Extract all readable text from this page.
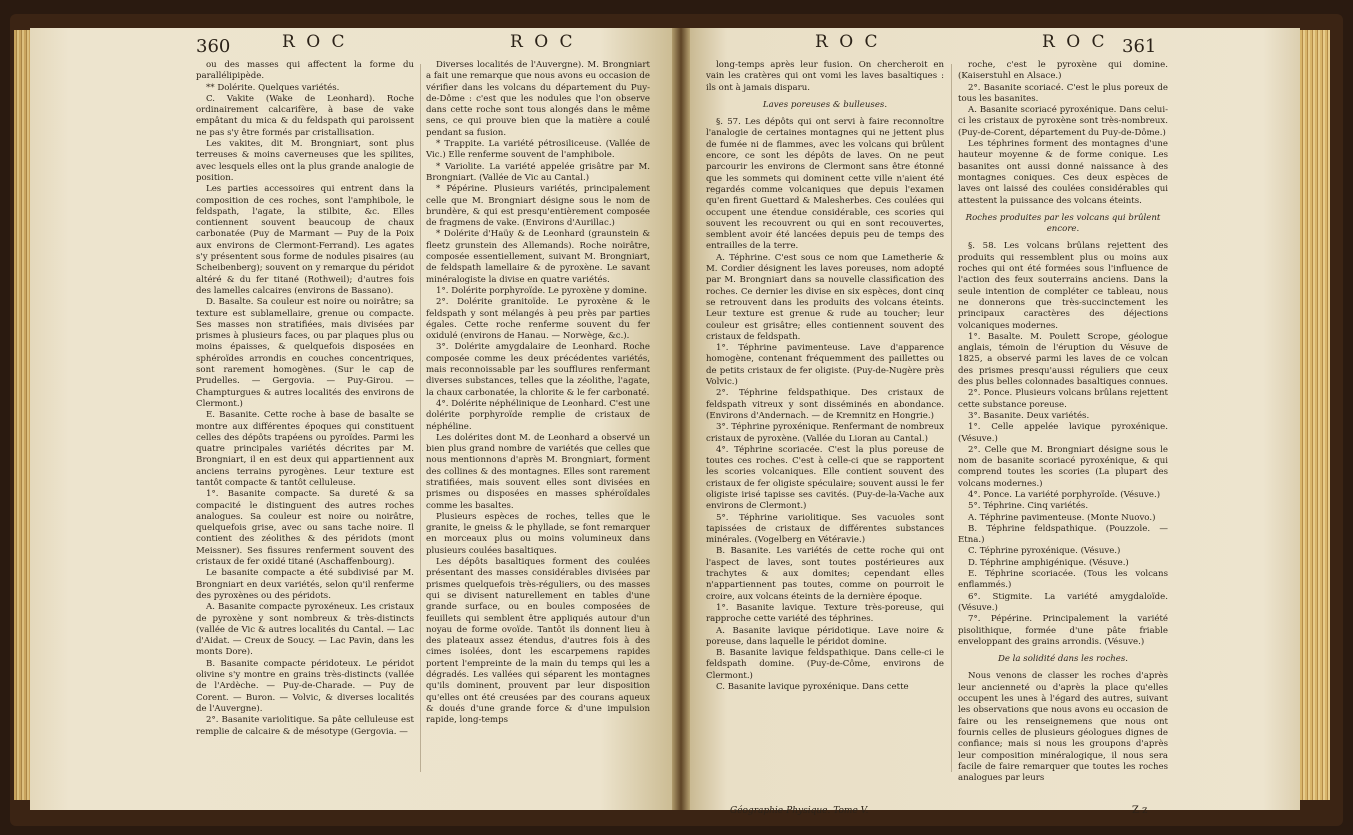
360	R O C	R O C	R O C	R O C 361

ou des masses qui affectent la forme du parallélipipède.

** Dolérite. Quelques variétés.

C. Vakite (Wake de Leonhard). Roche ordinairement calcarifère, à base de vake empâtant du mica & du feldspath qui paroissent ne pas s'y être formés par cristallisation.

Les vakites, dit M. Brongniart, sont plus terreuses & moins caverneuses que les spilites, avec lesquels elles ont la plus grande analogie de position.

Les parties accessoires qui entrent dans la composition de ces roches, sont l'amphibole, le feldspath, l'agate, la stilbite, &c. Elles contiennent souvent beaucoup de chaux carbonatée (Puy de Marmant — Puy de la Poix aux environs de Clermont-Ferrand). Les agates s'y présentent sous forme de nodules pisaires (au Scheibenberg); souvent on y remarque du péridot altéré & du fer titané (Rothweil); d'autres fois des lamelles calcaires (environs de Bassano).

D. Basalte. Sa couleur est noire ou noirâtre; sa texture est sublamellaire, grenue ou compacte. Ses masses non stratifiées, mais divisées par prismes à plusieurs faces, ou par plaques plus ou moins épaisses, & quelquefois disposées en sphéroïdes arrondis en couches concentriques, sont rarement homogènes. (Sur le cap de Prudelles. — Gergovia. — Puy-Girou. — Champturgues & autres localités des environs de Clermont.)

E. Basanite. Cette roche à base de basalte se montre aux différentes époques qui constituent celles des dépôts trapéens ou pyroïdes. Parmi les quatre principales variétés décrites par M. Brongniart, il en est deux qui appartiennent aux anciens terrains pyrogènes. Leur texture est tantôt compacte & tantôt celluleuse.

1°. Basanite compacte. Sa dureté & sa compacité le distinguent des autres roches analogues. Sa couleur est noire ou noirâtre, quelquefois grise, avec ou sans tache noire. Il contient des zéolithes & des péridots (mont Meissner). Ses fissures renferment souvent des cristaux de fer oxidé titané (Aschaffenbourg).

Le basanite compacte a été subdivisé par M. Brongniart en deux variétés, selon qu'il renferme des pyroxènes ou des péridots.

A. Basanite compacte pyroxéneux. Les cristaux de pyroxène y sont nombreux & très-distincts (vallée de Vic & autres localités du Cantal. — Lac d'Aidat. — Creux de Soucy. — Lac Pavin, dans les monts Dore).

B. Basanite compacte péridoteux. Le péridot olivine s'y montre en grains très-distincts (vallée de l'Ardèche. — Puy-de-Charade. — Puy de Corent. — Buron. — Volvic, & diverses localités de l'Auvergne).

2°. Basanite variolitique. Sa pâte celluleuse est remplie de calcaire & de mésotype (Gergovia. —

Diverses localités de l'Auvergne). M. Brongniart a fait une remarque que nous avons eu occasion de vérifier dans les volcans du département du Puy-de-Dôme : c'est que les nodules que l'on observe dans cette roche sont tous alongés dans le même sens, ce qui prouve bien que la matière a coulé pendant sa fusion.

* Trappite. La variété pétrosiliceuse. (Vallée de Vic.) Elle renferme souvent de l'amphibole.

* Variolite. La variété appelée grisâtre par M. Brongniart. (Vallée de Vic au Cantal.)

* Pépérine. Plusieurs variétés, principalement celle que M. Brongniart désigne sous le nom de brundère, & qui est presqu'entièrement composée de fragmens de vake. (Environs d'Aurillac.)

* Dolérite d'Haüy & de Leonhard (graunstein & fleetz grunstein des Allemands). Roche noirâtre, composée essentiellement, suivant M. Brongniart, de feldspath lamellaire & de pyroxène. Le savant minéralogiste la divise en quatre variétés.

1°. Dolérite porphyroïde. Le pyroxène y domine.

2°. Dolérite granitoïde. Le pyroxène & le feldspath y sont mélangés à peu près par parties égales. Cette roche renferme souvent du fer oxidulé (environs de Hanau. — Norwège, &c.).

3°. Dolérite amygdalaire de Leonhard. Roche composée comme les deux précédentes variétés, mais reconnoissable par les soufflures renfermant diverses substances, telles que la zéolithe, l'agate, la chaux carbonatée, la chlorite & le fer carbonaté.

4°. Dolérite néphélinique de Leonhard. C'est une dolérite porphyroïde remplie de cristaux de néphéline.

Les dolérites dont M. de Leonhard a observé un bien plus grand nombre de variétés que celles que nous mentionnons d'après M. Brongniart, forment des collines & des montagnes. Elles sont rarement stratifiées, mais souvent elles sont divisées en prismes ou disposées en masses sphéroïdales comme les basaltes.

Plusieurs espèces de roches, telles que le granite, le gneiss & le phyllade, se font remarquer en morceaux plus ou moins volumineux dans plusieurs coulées basaltiques.

Les dépôts basaltiques forment des coulées présentant des masses considérables divisées par prismes quelquefois très-réguliers, ou des masses qui se divisent naturellement en tables d'une grande surface, ou en boules composées de feuillets qui semblent être appliqués autour d'un noyau de forme ovoïde. Tantôt ils donnent lieu à des plateaux assez étendus, d'autres fois à des cimes isolées, dont les escarpemens rapides portent l'empreinte de la main du temps qui les a dégradés. Les vallées qui séparent les montagnes qu'ils dominent, prouvent par leur disposition qu'elles ont été creusées par des courans aqueux & doués d'une grande force & d'une impulsion rapide, long-temps

long-temps après leur fusion. On chercheroit en vain les cratères qui ont vomi les laves basaltiques : ils ont à jamais disparu.

Laves poreuses & bulleuses.

§. 57. Les dépôts qui ont servi à faire reconnoître l'analogie de certaines montagnes qui ne jettent plus de fumée ni de flammes, avec les volcans qui brûlent encore, ce sont les dépôts de laves. On ne peut parcourir les environs de Clermont sans être étonné que les sommets qui dominent cette ville n'aient été regardés comme volcaniques que depuis l'examen qu'en firent Guettard & Malesherbes. Ces coulées qui occupent une étendue considérable, ces scories qui souvent les recouvrent ou qui en sont recouvertes, semblent avoir été lancées depuis peu de temps des entrailles de la terre.

A. Téphrine. C'est sous ce nom que Lametherie & M. Cordier désignent les laves poreuses, nom adopté par M. Brongniart dans sa nouvelle classification des roches. Ce dernier les divise en six espèces, dont cinq se retrouvent dans les produits des volcans éteints. Leur texture est grenue & rude au toucher; leur couleur est grisâtre; elles contiennent souvent des cristaux de feldspath.

1°. Téphrine pavimenteuse. Lave d'apparence homogène, contenant fréquemment des paillettes ou de petits cristaux de fer oligiste. (Puy-de-Nugère près Volvic.)

2°. Téphrine feldspathique. Des cristaux de feldspath vitreux y sont disséminés en abondance. (Environs d'Andernach. — de Kremnitz en Hongrie.)

3°. Téphrine pyroxénique. Renfermant de nombreux cristaux de pyroxène. (Vallée du Lioran au Cantal.)

4°. Téphrine scoriacée. C'est la plus poreuse de toutes ces roches. C'est à celle-ci que se rapportent les scories volcaniques. Elle contient souvent des cristaux de fer oligiste spéculaire; souvent aussi le fer oligiste irisé tapisse ses cavités. (Puy-de-la-Vache aux environs de Clermont.)

5°. Téphrine variolitique. Ses vacuoles sont tapissées de cristaux de différentes substances minérales. (Vogelberg en Vétéravie.)

B. Basanite. Les variétés de cette roche qui ont l'aspect de laves, sont toutes postérieures aux trachytes & aux domites; cependant elles n'appartiennent pas toutes, comme on pourroit le croire, aux volcans éteints de la dernière époque.

1°. Basanite lavique. Texture très-poreuse, qui rapproche cette variété des téphrines.

A. Basanite lavique péridotique. Lave noire & poreuse, dans laquelle le péridot domine.

B. Basanite lavique feldspathique. Dans celle-ci le feldspath domine. (Puy-de-Côme, environs de Clermont.)

C. Basanite lavique pyroxénique. Dans cette

roche, c'est le pyroxène qui domine. (Kaiserstuhl en Alsace.)

2°. Basanite scoriacé. C'est le plus poreux de tous les basanites.

A. Basanite scoriacé pyroxénique. Dans celui-ci les cristaux de pyroxène sont très-nombreux. (Puy-de-Corent, département du Puy-de-Dôme.)

Les téphrines forment des montagnes d'une hauteur moyenne & de forme conique. Les basanites ont aussi donné naissance à des montagnes coniques. Ces deux espèces de laves ont laissé des coulées considérables qui attestent la puissance des volcans éteints.

Roches produites par les volcans qui brûlent encore.

§. 58. Les volcans brûlans rejettent des produits qui ressemblent plus ou moins aux roches qui ont été formées sous l'influence de l'action des feux souterrains anciens. Dans la seule intention de compléter ce tableau, nous ne donnerons que très-succinctement les principaux caractères des déjections volcaniques modernes.

1°. Basalte. M. Poulett Scrope, géologue anglais, témoin de l'éruption du Vésuve de 1825, a observé parmi les laves de ce volcan des prismes presqu'aussi réguliers que ceux des plus belles colonnades basaltiques connues.

2°. Ponce. Plusieurs volcans brûlans rejettent cette substance poreuse.

3°. Basanite. Deux variétés.

1°. Celle appelée lavique pyroxénique. (Vésuve.)

2°. Celle que M. Brongniart désigne sous le nom de basanite scoriacé pyroxénique, & qui comprend toutes les scories (La plupart des volcans modernes.)

4°. Ponce. La variété porphyroïde. (Vésuve.)

5°. Téphrine. Cinq variétés.

A. Téphrine pavimenteuse. (Monte Nuovo.)

B. Téphrine feldspathique. (Pouzzole. — Etna.)

C. Téphrine pyroxénique. (Vésuve.)

D. Téphrine amphigénique. (Vésuve.)

E. Téphrine scoriacée. (Tous les volcans enflammés.)

6°. Stigmite. La variété amygdaloïde. (Vésuve.)

7°. Pépérine. Principalement la variété pisolithique, formée d'une pâte friable enveloppant des grains arrondis. (Vésuve.)

De la solidité dans les roches.

Nous venons de classer les roches d'après leur ancienneté ou d'après la place qu'elles occupent les unes à l'égard des autres, suivant les observations que nous avons eu occasion de faire ou les renseignemens que nous ont fournis celles de plusieurs géologues dignes de confiance; mais si nous les groupons d'après leur composition minéralogique, il nous sera facile de faire remarquer que toutes les roches analogues par leurs

Géographie-Physique. Tome V.	Z z
